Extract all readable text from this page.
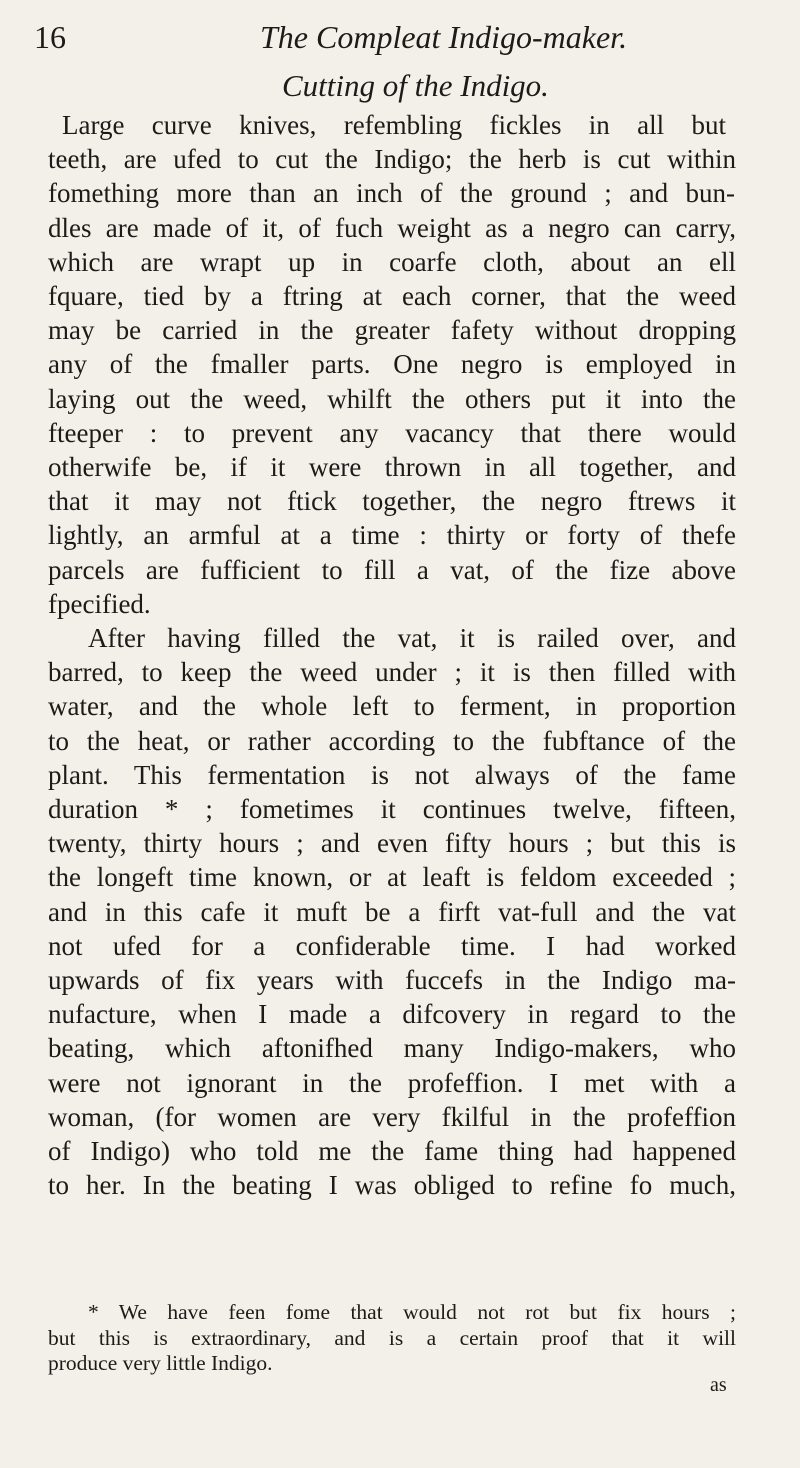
16	The Compleat Indigo-maker.
Cutting of the Indigo.
Large curve knives, refembling fickles in all but
teeth, are ufed to cut the Indigo; the herb is cut within
fomething more than an inch of the ground ; and bun-
dles are made of it, of fuch weight as a negro can carry,
which are wrapt up in coarfe cloth, about an ell
fquare, tied by a ftring at each corner, that the weed
may be carried in the greater fafety without dropping
any of the fmaller parts. One negro is employed in
laying out the weed, whilft the others put it into the
fteeper : to prevent any vacancy that there would
otherwife be, if it were thrown in all together, and
that it may not ftick together, the negro ftrews it
lightly, an armful at a time : thirty or forty of thefe
parcels are fufficient to fill a vat, of the fize above
fpecified.
After having filled the vat, it is railed over, and
barred, to keep the weed under ; it is then filled with
water, and the whole left to ferment, in proportion
to the heat, or rather according to the fubftance of the
plant. This fermentation is not always of the fame
duration * ; fometimes it continues twelve, fifteen,
twenty, thirty hours ; and even fifty hours ; but this is
the longeft time known, or at leaft is feldom exceeded ;
and in this cafe it muft be a firft vat-full and the vat
not ufed for a confiderable time. I had worked
upwards of fix years with fuccefs in the Indigo ma-
nufacture, when I made a difcovery in regard to the
beating, which aftonifhed many Indigo-makers, who
were not ignorant in the profeffion. I met with a
woman, (for women are very fkilful in the profeffion
of Indigo) who told me the fame thing had happened
to her. In the beating I was obliged to refine fo much,
* We have feen fome that would not rot but fix hours ;
but this is extraordinary, and is a certain proof that it will
produce very little Indigo.
as
